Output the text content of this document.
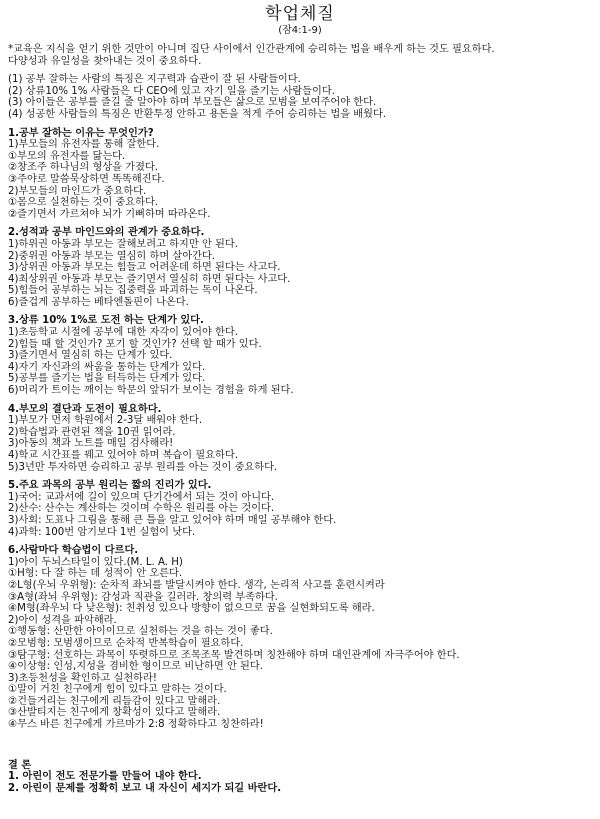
학업체질
(잠4:1-9)
*교육은 지식을 얻기 위한 것만이 아니며 집단 사이에서 인간관계에 승리하는 법을 배우게 하는 것도 필요하다.
다양성과 유일성을 찾아내는 것이 중요하다.
(1) 공부 잘하는 사람의 특징은 지구력과 습관이 잘 된 사람들이다.
(2) 상류10% 1% 사람들은 다 CEO에 있고 자기 일을 즐기는 사람들이다.
(3) 아이들은 공부를 즐길 줄 알아야 하며 부모들은 삶으로 모범을 보여주어야 한다.
(4) 성공한 사람들의 특징은 반환투정 안하고 용돈을 적게 주어 승리하는 법을 배웠다.
1.공부 잘하는 이유는 무엇인가?
1)부모들의 유전자를 통해 잘한다.
①부모의 유전자를 닮는다.
②창조주 하나님의 형상을 가졌다.
③주야로 말씀묵상하면 똑똑해진다.
2)부모들의 마인드가 중요하다.
①몸으로 실천하는 것이 중요하다.
②즐기면서 가르쳐야 뇌가 기뻐하며 따라온다.
2.성적과 공부 마인드와의 관계가 중요하다.
1)하위권 아동과 부모는 잘해보려고 하지만 안 된다.
2)중위권 아동과 부모는 열심히 하며 살아간다.
3)상위권 아동과 부모는 힘들고 어려운데 하면 된다는 사고다.
4)최상위권 아동과 부모는 즐기면서 열심히 하면 된다는 사고다.
5)힘들어 공부하는 뇌는 집중력을 파괴하는 독이 나온다.
6)즐겁게 공부하는 베타엔돌핀이 나온다.
3.상류 10% 1%로 도전 하는 단계가 있다.
1)초등학교 시절에 공부에 대한 자각이 있어야 한다.
2)힘들 때 할 것인가? 포기 할 것인가? 선택 할 때가 있다.
3)즐기면서 열심히 하는 단계가 있다.
4)자기 자신과의 싸움을 통하는 단계가 있다.
5)공부를 즐기는 법을 터득하는 단계가 있다.
6)머리가 트이는 깨이는 학문의 앞뒤가 보이는 경험을 하게 된다.
4.부모의 결단과 도전이 필요하다.
1)부모가 먼저 학원에서 2-3달 배워야 한다.
2)학습법과 관련된 책을 10권 읽어라.
3)아동의 책과 노트를 매일 검사해라!
4)학교 시간표를 꿰고 있어야 하며 복습이 필요하다.
5)3년만 투자하면 승리하고 공부 원리를 아는 것이 중요하다.
5.주요 과목의 공부 원리는 짧의 진리가 있다.
1)국어: 교과서에 길이 있으며 단기간에서 되는 것이 아니다.
2)산수: 산수는 계산하는 것이며 수학은 원리를 아는 것이다.
3)사회: 도표나 그림을 통해 큰 틀을 알고 있어야 하며 매일 공부해야 한다.
4)과학: 100번 암기보다 1번 실험이 낫다.
6.사람마다 학습법이 다르다.
1)아이 두뇌스타일이 있다.(M. L. A. H)
①H형: 다 잘 하는 데 성적이 안 오른다.
②L형(우뇌 우위형): 순차적 좌뇌를 발달시켜야 한다. 생각, 논리적 사고를 훈련시켜라
③A형(좌뇌 우위형): 감성과 직관을 길러라. 창의력 부족하다.
④M형(좌우뇌 다 낮은형): 친취성 있으나 방향이 없으므로 꿈을 실현화되도록 해라.
2)아이 성격을 파악해라.
①행동형: 산만한 아이이므로 실천하는 것을 하는 것이 좋다.
②모범형: 모범생이므로 순차적 반복학습이 필요하다.
③탐구형: 선호하는 과목이 뚜렷하므로 조목조목 발견하며 칭찬해야 하며 대인관계에 자극주어야 한다.
④이상형: 인성,지성을 겸비한 형이므로 비난하면 안 된다.
3)초등천성을 확인하고 실천하라!
①말이 거친 친구에게 힘이 있다고 말하는 것이다.
②건들거리는 친구에게 리듬감이 있다고 말해라.
③산발티지는 친구에게 창확성이 있다고 말해라.
④무스 바른 친구에게 가르마가 2:8 정확하다고 칭찬하라!
결 론
1. 아린이 전도 전문가를 만들어 내야 한다.
2. 아린이 문제를 정확히 보고 내 자신이 세지가 되길 바란다.
